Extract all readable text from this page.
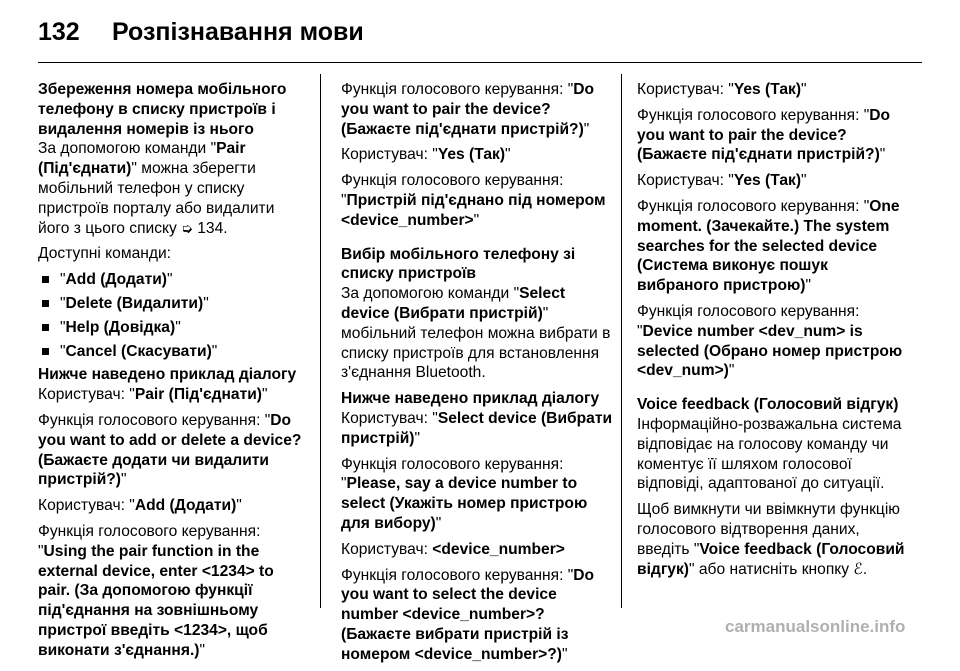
132 Розпізнавання мови

Збереження номера мобільного телефону в списку пристроїв і видалення номерів із нього

За допомогою команди "Pair (Під'єднати)" можна зберегти мобільний телефон у списку пристроїв порталу або видалити його з цього списку ➭ 134.

Доступні команди:

"Add (Додати)"
"Delete (Видалити)"
"Help (Довідка)"
"Cancel (Скасувати)"

Нижче наведено приклад діалогу

Користувач: "Pair (Під'єднати)"

Функція голосового керування: "Do you want to add or delete a device? (Бажаєте додати чи видалити пристрій?)"

Користувач: "Add (Додати)"

Функція голосового керування: "Using the pair function in the external device, enter <1234> to pair. (За допомогою функції під'єднання на зовнішньому пристрої введіть <1234>, щоб виконати з'єднання.)"

Функція голосового керування: "Do you want to pair the device? (Бажаєте під'єднати пристрій?)"

Користувач: "Yes (Так)"

Функція голосового керування: "Пристрій під'єднано під номером <device_number>"

Вибір мобільного телефону зі списку пристроїв

За допомогою команди "Select device (Вибрати пристрій)" мобільний телефон можна вибрати в списку пристроїв для встановлення з'єднання Bluetooth.

Нижче наведено приклад діалогу

Користувач: "Select device (Вибрати пристрій)"

Функція голосового керування: "Please, say a device number to select (Укажіть номер пристрою для вибору)"

Користувач: <device_number>

Функція голосового керування: "Do you want to select the device number <device_number>? (Бажаєте вибрати пристрій із номером <device_number>?)"

Користувач: "Yes (Так)"

Функція голосового керування: "Do you want to pair the device? (Бажаєте під'єднати пристрій?)"

Користувач: "Yes (Так)"

Функція голосового керування: "One moment. (Зачекайте.) The system searches for the selected device (Система виконує пошук вибраного пристрою)"

Функція голосового керування: "Device number <dev_num> is selected (Обрано номер пристрою <dev_num>)"

Voice feedback (Голосовий відгук)

Інформаційно-розважальна система відповідає на голосову команду чи коментує її шляхом голосової відповіді, адаптованої до ситуації.

Щоб вимкнути чи ввімкнути функцію голосового відтворення даних, введіть "Voice feedback (Голосовий відгук)" або натисніть кнопку ℰ.

carmanualsonline.info
